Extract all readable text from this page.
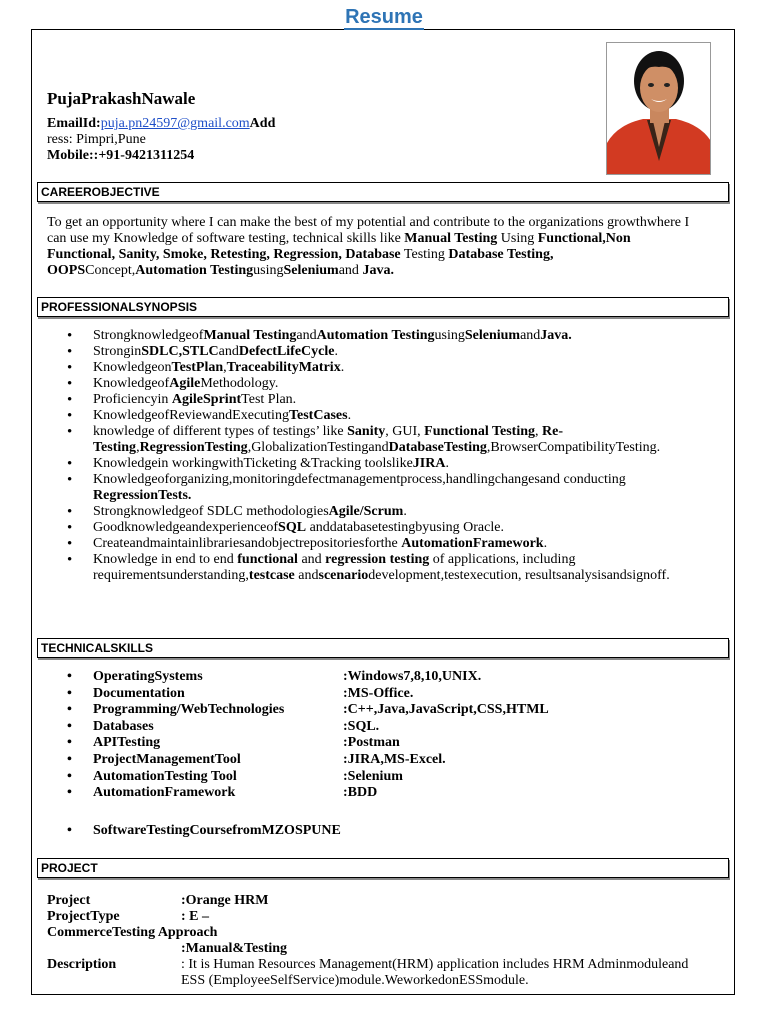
Resume
PujaPrakashNawale
EmailId:puja.pn24597@gmail.comAdd
ress: Pimpri,Pune
Mobile::+91-9421311254
CAREEROBJECTIVE
To get an opportunity where I can make the best of my potential and contribute to the organizations growthwhere I can use my Knowledge of software testing, technical skills like Manual Testing Using Functional,Non Functional, Sanity, Smoke, Retesting, Regression, Database Testing Database Testing, OOPSConcept,Automation TestingusingSeleniumand Java.
PROFESSIONALSYNOPSIS
• StrongknowledgeofManual TestingandAutomation TestingusingSeleniumandJava.
• StronginSDLC,STLCandDefectLifeCycle.
• KnowledgeonTestPlan,TraceabilityMatrix.
• KnowledgeofAgileMethodology.
• Proficiencyin AgileSprintTest Plan.
• KnowledgeofReviewandExecutingTestCases.
• knowledge of different types of testings’ like Sanity, GUI, Functional Testing, Re-Testing,RegressionTesting,GlobalizationTestingandDatabaseTesting,BrowserCompatibilityTesting.
• Knowledgein workingwithTicketing &Tracking toolslikeJIRA.
• Knowledgeoforganizing,monitoringdefectmanagementprocess,handlingchangesand conducting RegressionTests.
• Strongknowledgeof SDLC methodologiesAgile/Scrum.
• GoodknowledgeandexperienceofSQL anddatabasetestingbyusing Oracle.
• Createandmaintainlibrariesandobjectrepositoriesforthe AutomationFramework.
• Knowledge in end to end functional and regression testing of applications, including requirementsunderstanding,testcase andscenariodevelopment,testexecution, resultsanalysisandsignoff.
TECHNICALSKILLS
• OperatingSystems	:Windows7,8,10,UNIX.
• Documentation	:MS-Office.
• Programming/WebTechnologies	:C++,Java,JavaScript,CSS,HTML
• Databases	:SQL.
• APITesting	:Postman
• ProjectManagementTool	:JIRA,MS-Excel.
• AutomationTesting Tool	:Selenium
• AutomationFramework	:BDD
• SoftwareTestingCoursefromMZOSPUNE
PROJECT
Project	:Orange HRM
ProjectType	: E –
CommerceTesting Approach
:Manual&Testing
Description	: It is Human Resources Management(HRM) application includes HRM Adminmoduleand ESS (EmployeeSelfService)module.WeworkedonESSmodule.
